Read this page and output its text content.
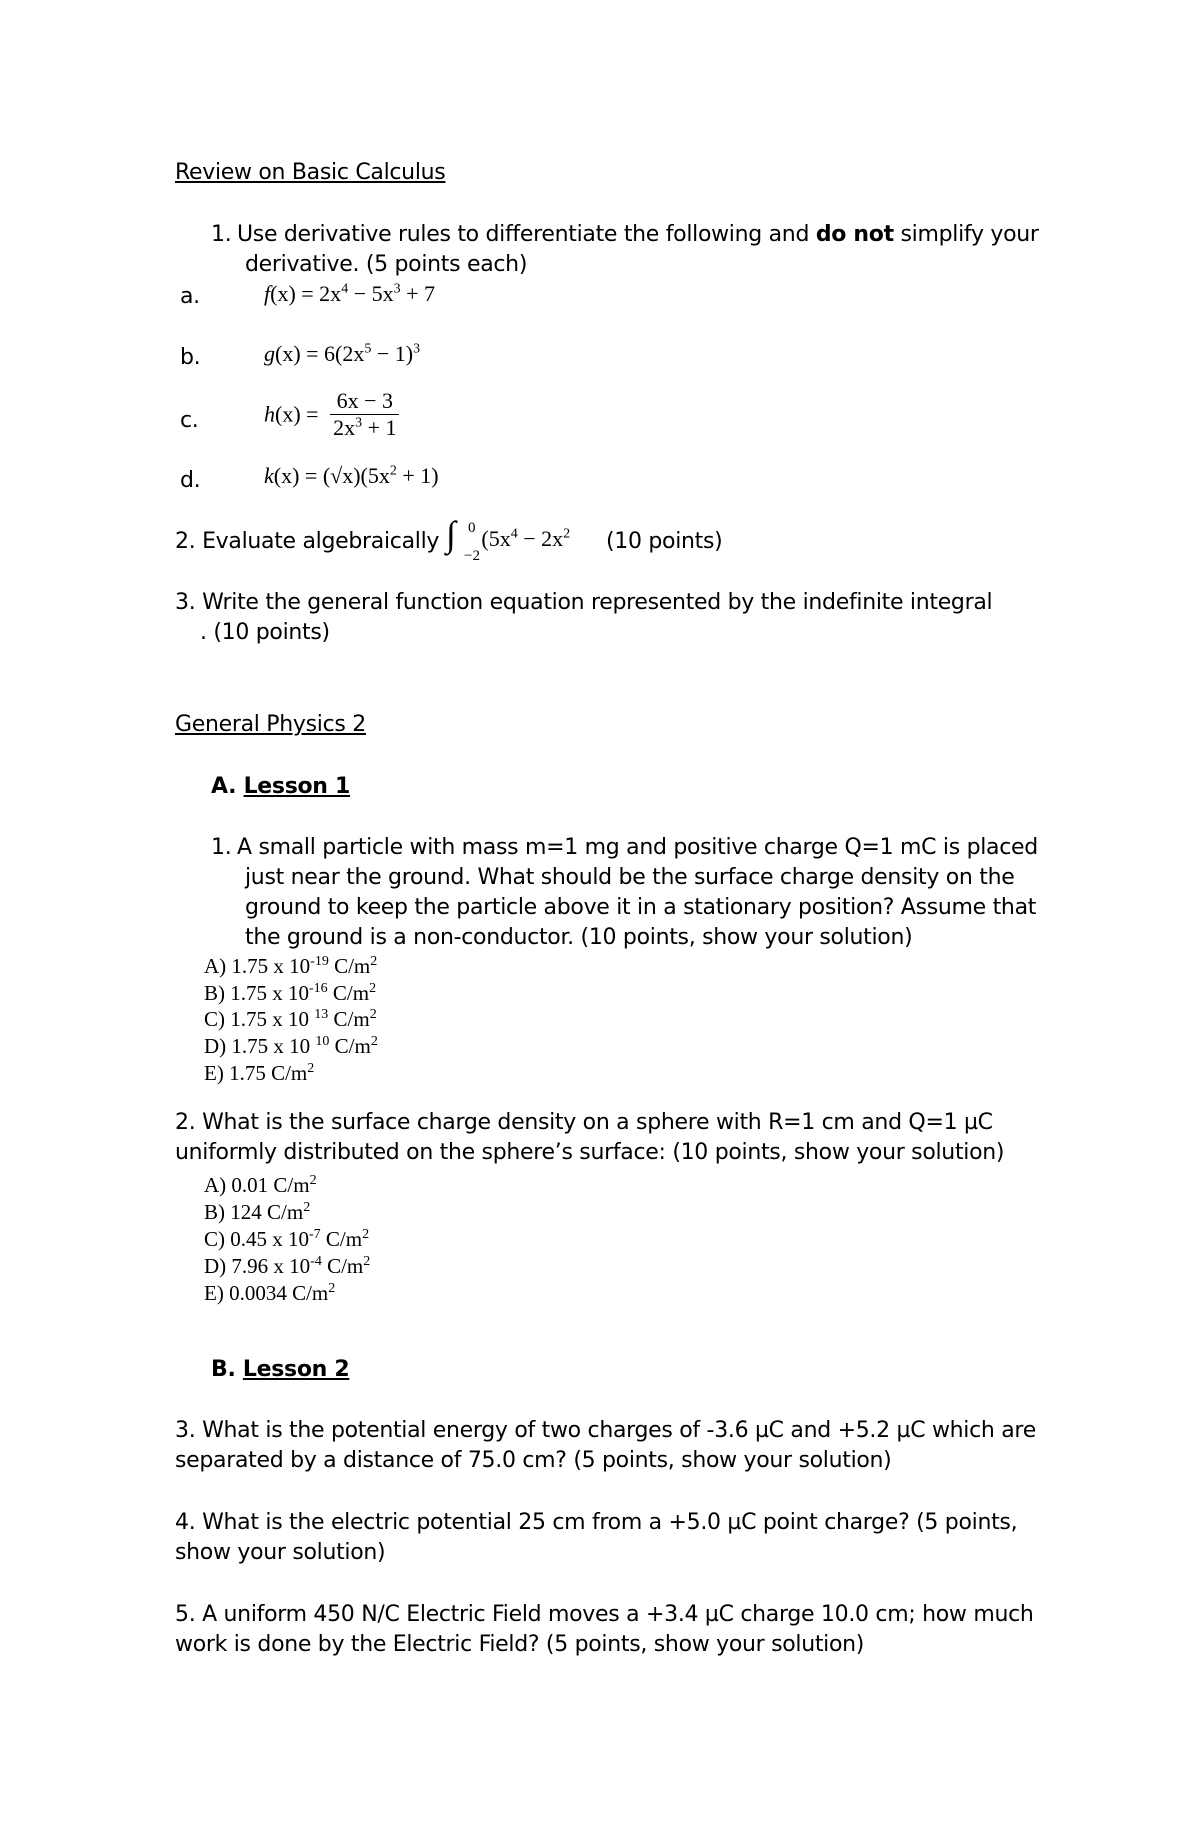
Review on Basic Calculus
1. Use derivative rules to differentiate the following and do not simplify your
derivative. (5 points each)
a.	$f(x) = 2x^4 - 5x^3 + 7$
b.	$g(x) = 6(2x^5 - 1)^3$
c.	$h(x) = \frac{6x - 3}{2x^3 + 1}$
d.	$k(x) = (√x)(5x^2 + 1)$
2. Evaluate algebraically ∫ 0
−2
($5x^4 - 2x^2$ (10 points)
3. Write the general function equation represented by the indefinite integral
. (10 points)
General Physics 2
A. Lesson 1
1. A small particle with mass m=1 mg and positive charge Q=1 mC is placed
just near the ground. What should be the surface charge density on the
ground to keep the particle above it in a stationary position? Assume that
the ground is a non-conductor. (10 points, show your solution)
A) 1.75 x $10^{-19}$ $C/m^2$
B) 1.75 x $10^{-16}$ $C/m^2$
C) 1.75 x 10 $^{13}$ $C/m^2$
D) 1.75 x 10 $^{10}$ $C/m^2$
E) 1.75 $C/m^2$
2. What is the surface charge density on a sphere with R=1 cm and Q=1 µC
uniformly distributed on the sphere’s surface: (10 points, show your solution)
A) 0.01 $C/m^2$
B) 124 $C/m^2$
C) 0.45 x $10^{-7}$ $C/m^2$
D) 7.96 x $10^{-4}$ $C/m^2$
E) 0.0034 $C/m^2$
B. Lesson 2
3. What is the potential energy of two charges of -3.6 µC and +5.2 µC which are
separated by a distance of 75.0 cm? (5 points, show your solution)
4. What is the electric potential 25 cm from a +5.0 µC point charge? (5 points,
show your solution)
5. A uniform 450 N/C Electric Field moves a +3.4 µC charge 10.0 cm; how much
work is done by the Electric Field? (5 points, show your solution)
